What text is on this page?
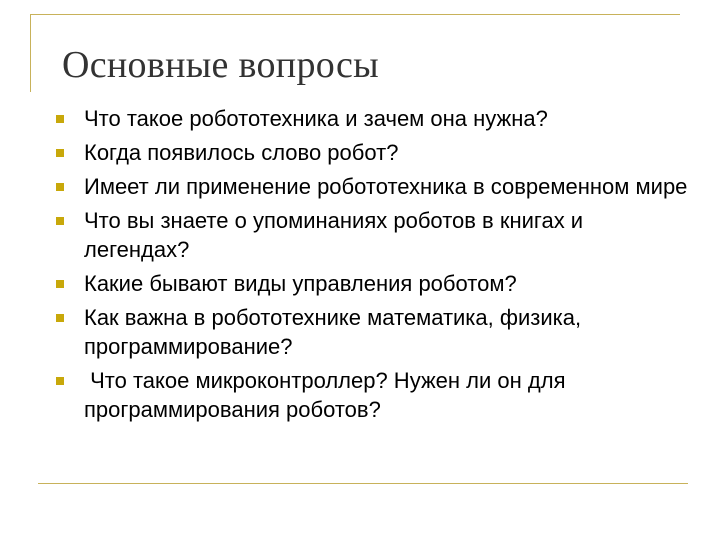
Основные вопросы
Что такое робототехника и зачем она нужна?
Когда появилось слово робот?
Имеет ли применение робототехника в современном мире
Что вы знаете о упоминаниях роботов в книгах и легендах?
Какие бывают виды управления роботом?
Как важна в робототехнике математика, физика, программирование?
Что такое микроконтроллер? Нужен ли он для программирования роботов?
